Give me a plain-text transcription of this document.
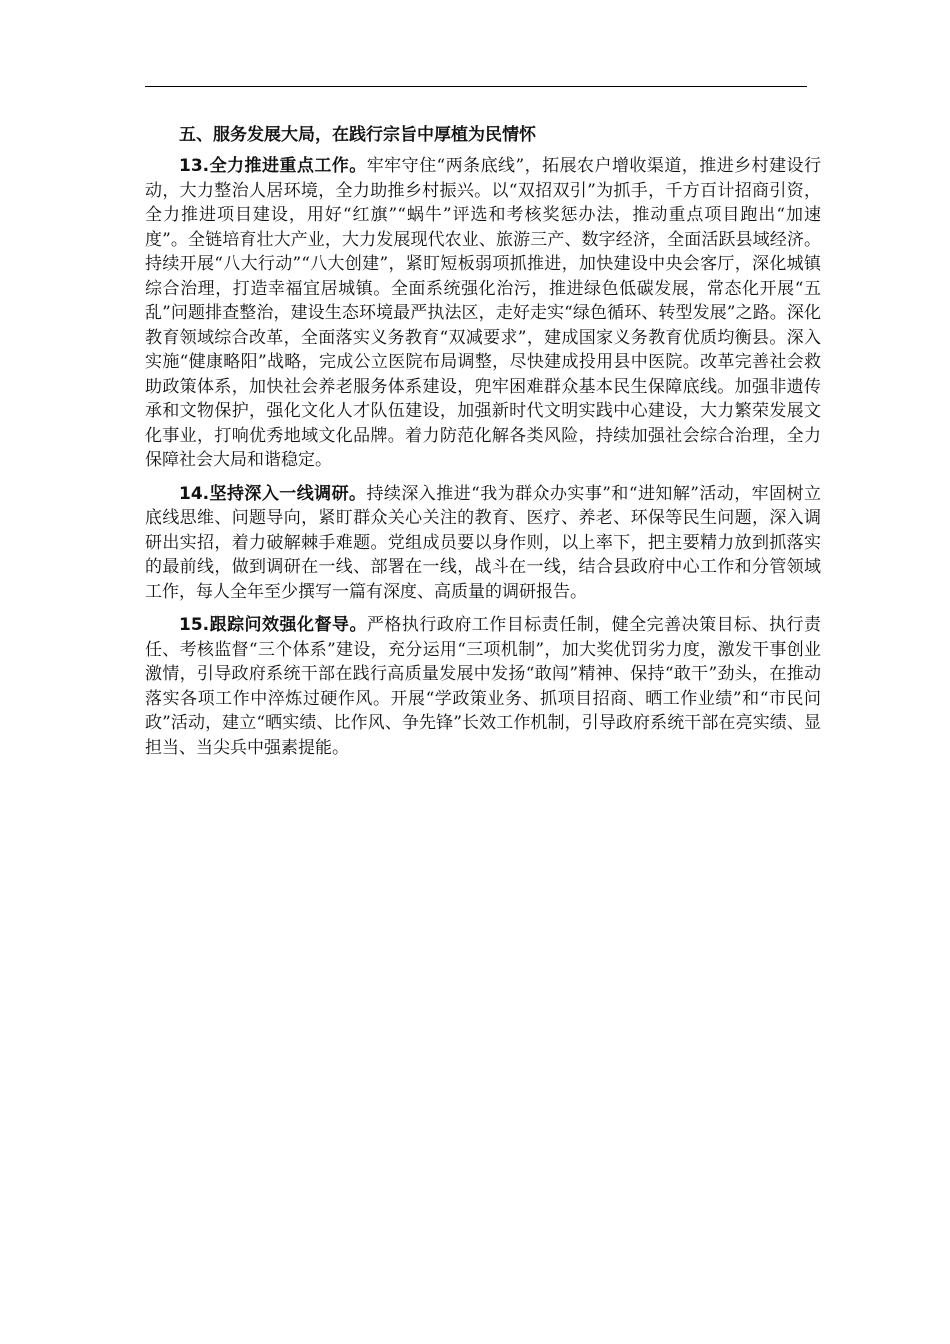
五、服务发展大局，在践行宗旨中厚植为民情怀

13.全力推进重点工作。牢牢守住“两条底线”，拓展农户增收渠道，推进乡村建设行动，大力整治人居环境，全力助推乡村振兴。以“双招双引”为抓手，千方百计招商引资，全力推进项目建设，用好“红旗”“蜗牛”评选和考核奖惩办法，推动重点项目跑出“加速度”。全链培育壮大产业，大力发展现代农业、旅游三产、数字经济，全面活跃县域经济。持续开展“八大行动”“八大创建”，紧盯短板弱项抓推进，加快建设中央会客厅，深化城镇综合治理，打造幸福宜居城镇。全面系统强化治污，推进绿色低碳发展，常态化开展“五乱”问题排查整治，建设生态环境最严执法区，走好走实“绿色循环、转型发展”之路。深化教育领域综合改革，全面落实义务教育“双减要求”，建成国家义务教育优质均衡县。深入实施“健康略阳”战略，完成公立医院布局调整，尽快建成投用县中医院。改革完善社会救助政策体系，加快社会养老服务体系建设，兜牢困难群众基本民生保障底线。加强非遗传承和文物保护，强化文化人才队伍建设，加强新时代文明实践中心建设，大力繁荣发展文化事业，打响优秀地域文化品牌。着力防范化解各类风险，持续加强社会综合治理，全力保障社会大局和谐稳定。

14.坚持深入一线调研。持续深入推进“我为群众办实事”和“进知解”活动，牢固树立底线思维、问题导向，紧盯群众关心关注的教育、医疗、养老、环保等民生问题，深入调研出实招，着力破解棘手难题。党组成员要以身作则，以上率下，把主要精力放到抓落实的最前线，做到调研在一线、部署在一线，战斗在一线，结合县政府中心工作和分管领域工作，每人全年至少撰写一篇有深度、高质量的调研报告。

15.跟踪问效强化督导。严格执行政府工作目标责任制，健全完善决策目标、执行责任、考核监督“三个体系”建设，充分运用“三项机制”，加大奖优罚劣力度，激发干事创业激情，引导政府系统干部在践行高质量发展中发扬“敢闯”精神、保持“敢干”劲头，在推动落实各项工作中淬炼过硬作风。开展“学政策业务、抓项目招商、晒工作业绩”和“市民问政”活动，建立“晒实绩、比作风、争先锋”长效工作机制，引导政府系统干部在亮实绩、显担当、当尖兵中强素提能。
